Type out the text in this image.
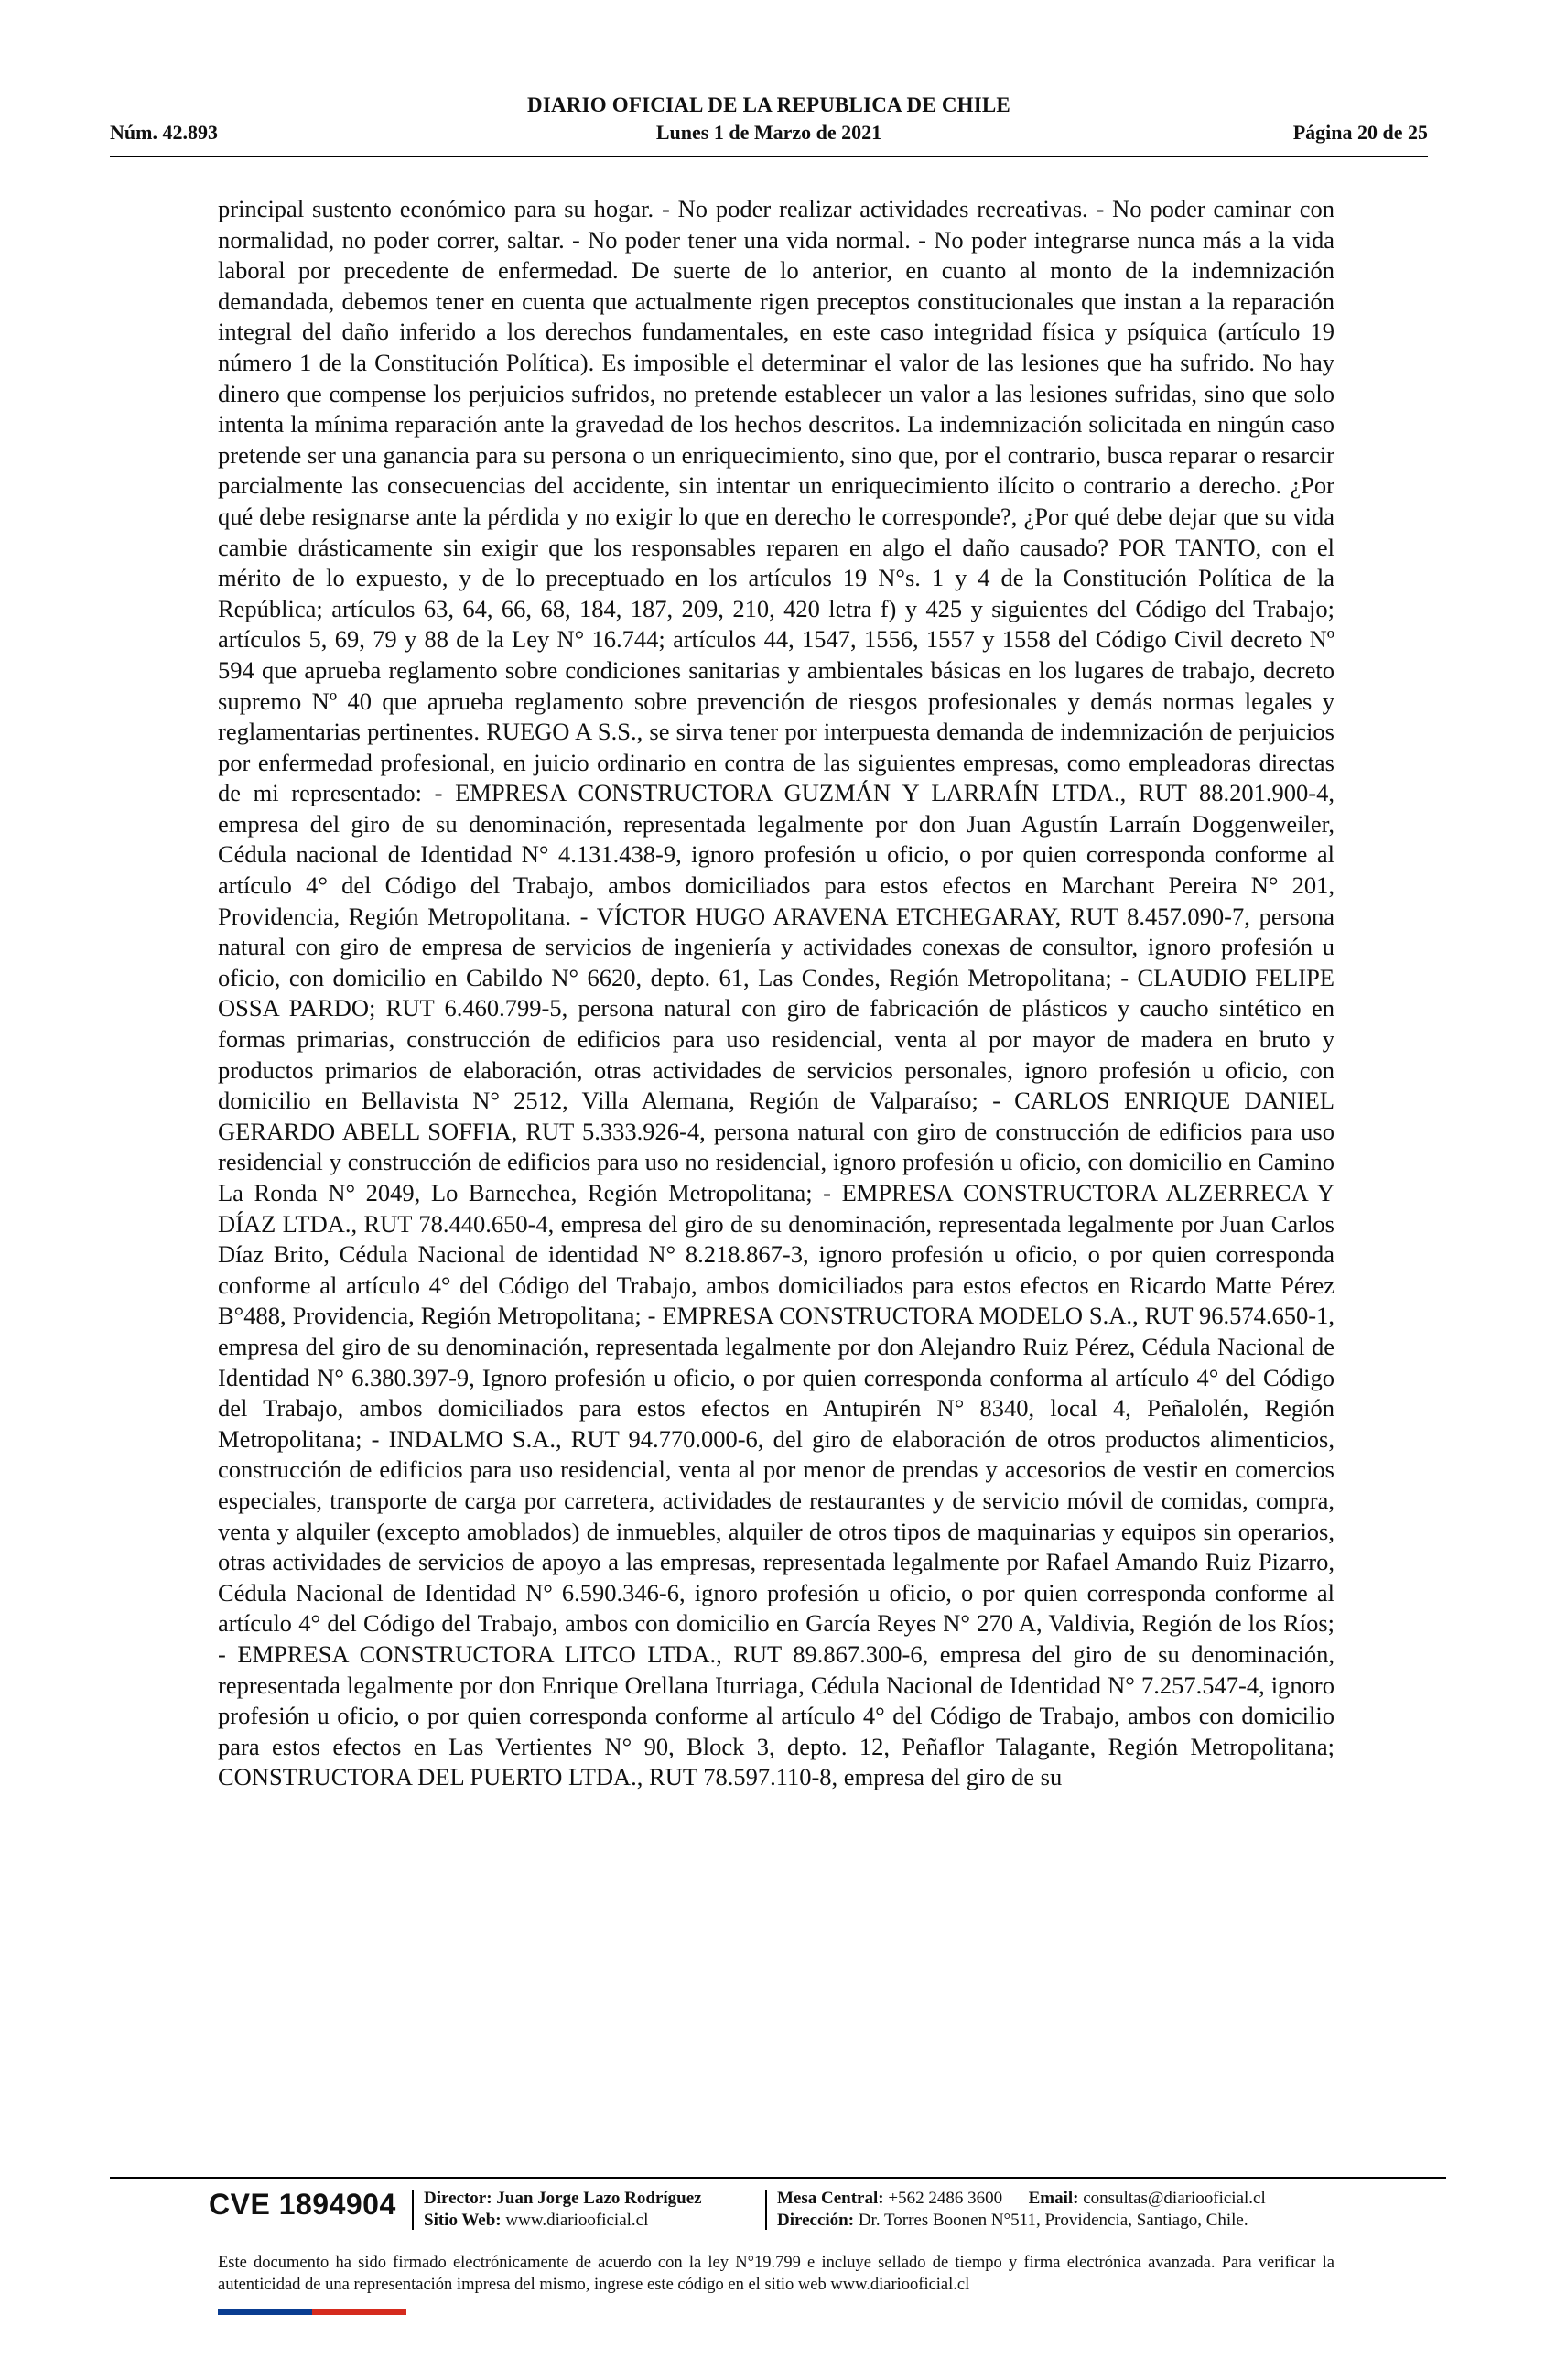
DIARIO OFICIAL DE LA REPUBLICA DE CHILE
Núm. 42.893	Lunes 1 de Marzo de 2021	Página 20 de 25

principal sustento económico para su hogar. - No poder realizar actividades recreativas. - No poder caminar con normalidad, no poder correr, saltar. - No poder tener una vida normal. - No poder integrarse nunca más a la vida laboral por precedente de enfermedad. De suerte de lo anterior, en cuanto al monto de la indemnización demandada, debemos tener en cuenta que actualmente rigen preceptos constitucionales que instan a la reparación integral del daño inferido a los derechos fundamentales, en este caso integridad física y psíquica (artículo 19 número 1 de la Constitución Política). Es imposible el determinar el valor de las lesiones que ha sufrido. No hay dinero que compense los perjuicios sufridos, no pretende establecer un valor a las lesiones sufridas, sino que solo intenta la mínima reparación ante la gravedad de los hechos descritos. La indemnización solicitada en ningún caso pretende ser una ganancia para su persona o un enriquecimiento, sino que, por el contrario, busca reparar o resarcir parcialmente las consecuencias del accidente, sin intentar un enriquecimiento ilícito o contrario a derecho. ¿Por qué debe resignarse ante la pérdida y no exigir lo que en derecho le corresponde?, ¿Por qué debe dejar que su vida cambie drásticamente sin exigir que los responsables reparen en algo el daño causado? POR TANTO, con el mérito de lo expuesto, y de lo preceptuado en los artículos 19 N°s. 1 y 4 de la Constitución Política de la República; artículos 63, 64, 66, 68, 184, 187, 209, 210, 420 letra f) y 425 y siguientes del Código del Trabajo; artículos 5, 69, 79 y 88 de la Ley N° 16.744; artículos 44, 1547, 1556, 1557 y 1558 del Código Civil decreto Nº 594 que aprueba reglamento sobre condiciones sanitarias y ambientales básicas en los lugares de trabajo, decreto supremo Nº 40 que aprueba reglamento sobre prevención de riesgos profesionales y demás normas legales y reglamentarias pertinentes. RUEGO A S.S., se sirva tener por interpuesta demanda de indemnización de perjuicios por enfermedad profesional, en juicio ordinario en contra de las siguientes empresas, como empleadoras directas de mi representado: - EMPRESA CONSTRUCTORA GUZMÁN Y LARRAÍN LTDA., RUT 88.201.900-4, empresa del giro de su denominación, representada legalmente por don Juan Agustín Larraín Doggenweiler, Cédula nacional de Identidad N° 4.131.438-9, ignoro profesión u oficio, o por quien corresponda conforme al artículo 4° del Código del Trabajo, ambos domiciliados para estos efectos en Marchant Pereira N° 201, Providencia, Región Metropolitana. - VÍCTOR HUGO ARAVENA ETCHEGARAY, RUT 8.457.090-7, persona natural con giro de empresa de servicios de ingeniería y actividades conexas de consultor, ignoro profesión u oficio, con domicilio en Cabildo N° 6620, depto. 61, Las Condes, Región Metropolitana; - CLAUDIO FELIPE OSSA PARDO; RUT 6.460.799-5, persona natural con giro de fabricación de plásticos y caucho sintético en formas primarias, construcción de edificios para uso residencial, venta al por mayor de madera en bruto y productos primarios de elaboración, otras actividades de servicios personales, ignoro profesión u oficio, con domicilio en Bellavista N° 2512, Villa Alemana, Región de Valparaíso; - CARLOS ENRIQUE DANIEL GERARDO ABELL SOFFIA, RUT 5.333.926-4, persona natural con giro de construcción de edificios para uso residencial y construcción de edificios para uso no residencial, ignoro profesión u oficio, con domicilio en Camino La Ronda N° 2049, Lo Barnechea, Región Metropolitana; - EMPRESA CONSTRUCTORA ALZERRECA Y DÍAZ LTDA., RUT 78.440.650-4, empresa del giro de su denominación, representada legalmente por Juan Carlos Díaz Brito, Cédula Nacional de identidad N° 8.218.867-3, ignoro profesión u oficio, o por quien corresponda conforme al artículo 4° del Código del Trabajo, ambos domiciliados para estos efectos en Ricardo Matte Pérez B°488, Providencia, Región Metropolitana; - EMPRESA CONSTRUCTORA MODELO S.A., RUT 96.574.650-1, empresa del giro de su denominación, representada legalmente por don Alejandro Ruiz Pérez, Cédula Nacional de Identidad N° 6.380.397-9, Ignoro profesión u oficio, o por quien corresponda conforma al artículo 4° del Código del Trabajo, ambos domiciliados para estos efectos en Antupirén N° 8340, local 4, Peñalolén, Región Metropolitana; - INDALMO S.A., RUT 94.770.000-6, del giro de elaboración de otros productos alimenticios, construcción de edificios para uso residencial, venta al por menor de prendas y accesorios de vestir en comercios especiales, transporte de carga por carretera, actividades de restaurantes y de servicio móvil de comidas, compra, venta y alquiler (excepto amoblados) de inmuebles, alquiler de otros tipos de maquinarias y equipos sin operarios, otras actividades de servicios de apoyo a las empresas, representada legalmente por Rafael Amando Ruiz Pizarro, Cédula Nacional de Identidad N° 6.590.346-6, ignoro profesión u oficio, o por quien corresponda conforme al artículo 4° del Código del Trabajo, ambos con domicilio en García Reyes N° 270 A, Valdivia, Región de los Ríos; - EMPRESA CONSTRUCTORA LITCO LTDA., RUT 89.867.300-6, empresa del giro de su denominación, representada legalmente por don Enrique Orellana Iturriaga, Cédula Nacional de Identidad N° 7.257.547-4, ignoro profesión u oficio, o por quien corresponda conforme al artículo 4° del Código de Trabajo, ambos con domicilio para estos efectos en Las Vertientes N° 90, Block 3, depto. 12, Peñaflor Talagante, Región Metropolitana; CONSTRUCTORA DEL PUERTO LTDA., RUT 78.597.110-8, empresa del giro de su

CVE 1894904 Director: Juan Jorge Lazo Rodríguez
Sitio Web: www.diariooficial.cl
Mesa Central: +562 2486 3600 Email: consultas@diariooficial.cl
Dirección: Dr. Torres Boonen N°511, Providencia, Santiago, Chile.
Este documento ha sido firmado electrónicamente de acuerdo con la ley N°19.799 e incluye sellado de tiempo y firma electrónica avanzada. Para verificar la autenticidad de una representación impresa del mismo, ingrese este código en el sitio web www.diariooficial.cl
